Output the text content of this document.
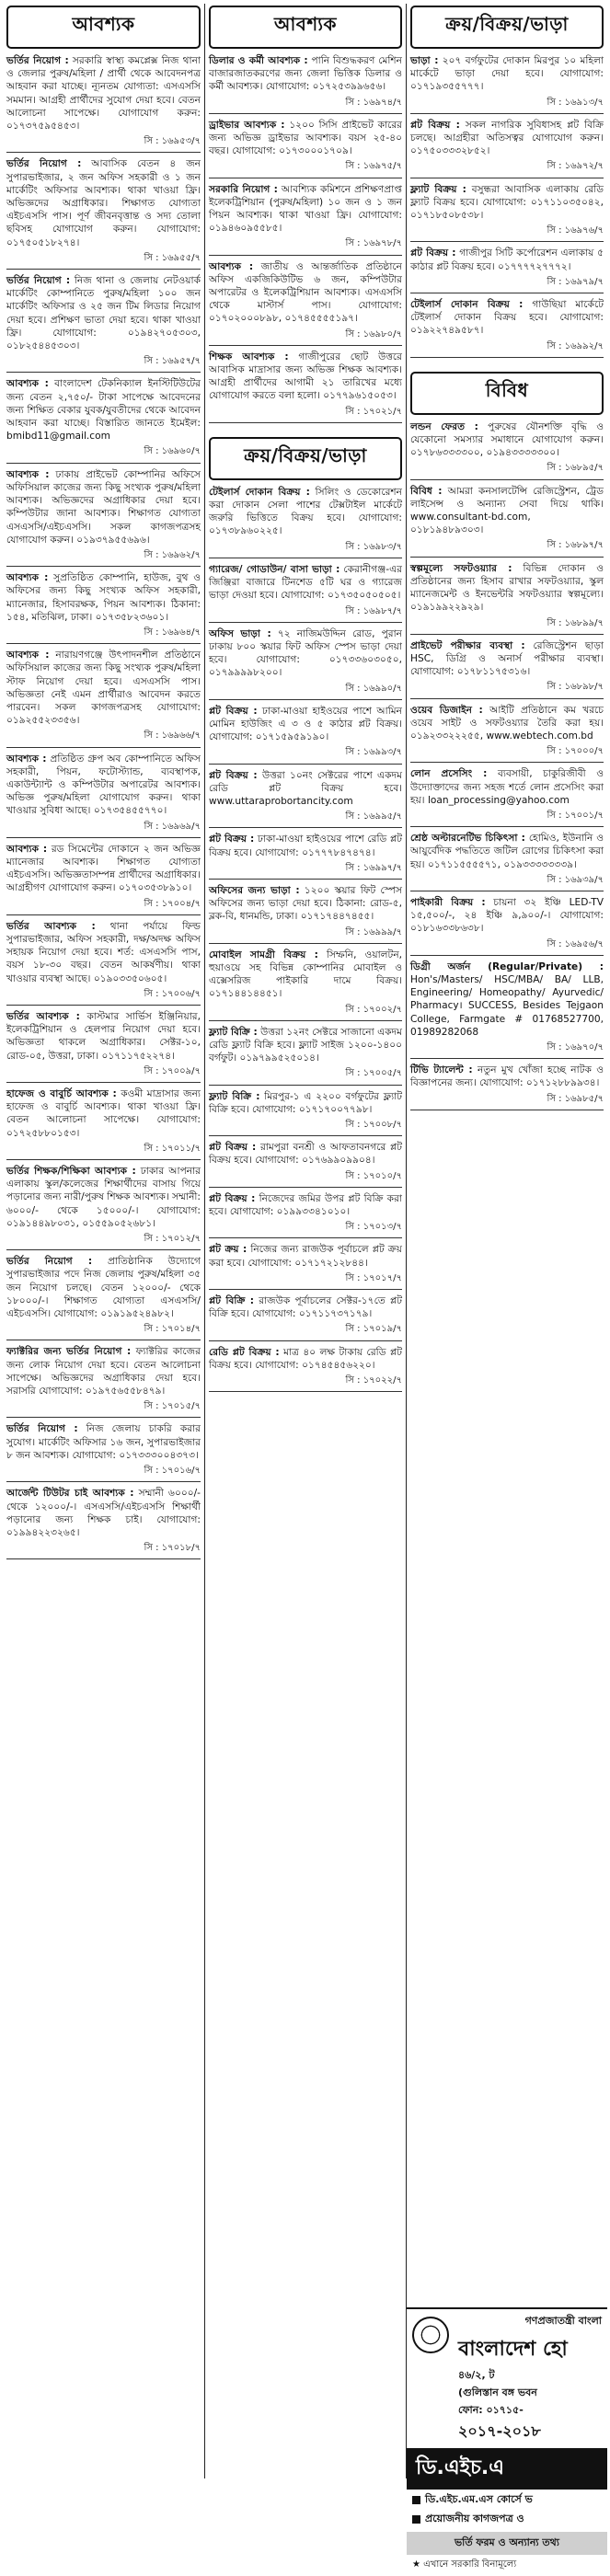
আবশ্যক

ভর্তির নিয়োগ : সরকারি স্বাস্থ্য কমপ্লেক্স নিজ থানা ও জেলার পুরুষ/মহিলা / প্রার্থী থেকে আবেদনপত্র আহবান করা যাচ্ছে। ন্যূনতম যোগ্যতা: এসএসসি সমমান। আগ্রহী প্রার্থীদের সুযোগ দেয়া হবে। বেতন আলোচনা সাপেক্ষে। যোগাযোগ করুন: ০১৭৩৭৫৯৫৪৫৩।

সি : ১৬৯৫৩/৭

ভর্তির নিয়োগ : আবাসিক বেতন ৪ জন সুপারভাইজার, ২ জন অফিস সহকারী ও ১ জন মার্কেটিং অফিসার আবশ্যক। থাকা খাওয়া ফ্রি। অভিজ্ঞদের অগ্রাধিকার। শিক্ষাগত যোগ্যতা এইচএসসি পাস। পূর্ণ জীবনবৃত্তান্ত ও সদ্য তোলা ছবিসহ যোগাযোগ করুন। যোগাযোগ: ০১৭৫০৫১৮২৭৪।

সি : ১৬৯৫৫/৭

ভর্তির নিয়োগ : নিজ থানা ও জেলায় নেটওয়ার্ক মার্কেটিং কোম্পানিতে পুরুষ/মহিলা ১০০ জন মার্কেটিং অফিসার ও ২৫ জন টিম লিডার নিয়োগ দেয়া হবে। প্রশিক্ষণ ভাতা দেয়া হবে। থাকা খাওয়া ফ্রি। যোগাযোগ: ০১৯৪২৭০৫৩০৩, ০১৮২৫৪৪৫৩০৩।

সি : ১৬৯৫৭/৭

আবশ্যক : বাংলাদেশ টেকনিক্যাল ইনস্টিটিউটের জন্য বেতন ২,৭৫০/- টাকা সাপেক্ষে আবেদনের জন্য শিক্ষিত বেকার যুবক/যুবতীদের থেকে আবেদন আহবান করা যাচ্ছে। বিস্তারিত জানতে ইমেইল: bmibd11@gmail.com

সি : ১৬৯৬০/৭

আবশ্যক : ঢাকায় প্রাইভেট কোম্পানির অফিসে অফিসিয়াল কাজের জন্য কিছু সংখ্যক পুরুষ/মহিলা আবশ্যক। অভিজ্ঞদের অগ্রাধিকার দেয়া হবে। কম্পিউটার জানা আবশ্যক। শিক্ষাগত যোগ্যতা এসএসসি/এইচএসসি। সকল কাগজপত্রসহ যোগাযোগ করুন। ০১৯৩৭৯৫৫৬৯৬।

সি : ১৬৯৬২/৭

আবশ্যক : সুপ্রতিষ্ঠিত কোম্পানি, হাউজ, বুথ ও অফিসের জন্য কিছু সংখ্যক অফিস সহকারী, ম্যানেজার, হিসাবরক্ষক, পিয়ন আবশ্যক। ঠিকানা: ১৫৪, মতিঝিল, ঢাকা। ০১৭৩৫৮২৩৬০১।

সি : ১৬৯৬৪/৭

আবশ্যক : নারায়ণগঞ্জে উৎপাদনশীল প্রতিষ্ঠানে অফিসিয়াল কাজের জন্য কিছু সংখ্যক পুরুষ/মহিলা স্টাফ নিয়োগ দেয়া হবে। এসএসসি পাস। অভিজ্ঞতা নেই এমন প্রার্থীরাও আবেদন করতে পারবেন। সকল কাগজপত্রসহ যোগাযোগ: ০১৯২৫৫২৩৩৫৬।

সি : ১৬৯৬৬/৭

আবশ্যক : প্রতিষ্ঠিত গ্রুপ অব কোম্পানিতে অফিস সহকারী, পিয়ন, ফটোস্ট্যান্ড, ব্যবস্থাপক, একাউন্ট্যান্ট ও কম্পিউটার অপারেটর আবশ্যক। অভিজ্ঞ পুরুষ/মহিলা যোগাযোগ করুন। থাকা খাওয়ার সুবিধা আছে। ০১৭৩৫৪৫৫৭৭০।

সি : ১৬৯৬৯/৭

আবশ্যক : রড সিমেন্টের দোকানে ২ জন অভিজ্ঞ ম্যানেজার আবশ্যক। শিক্ষাগত যোগ্যতা এইচএসসি। অভিজ্ঞতাসম্পন্ন প্রার্থীদের অগ্রাধিকার। আগ্রহীগণ যোগাযোগ করুন। ০১৭০৩৫৩৮৯১০।

সি : ১৭০০৪/৭

ভর্তির আবশ্যক : থানা পর্যায়ে ফিল্ড সুপারভাইজার, অফিস সহকারী, দক্ষ/অদক্ষ অফিস সহায়ক নিয়োগ দেয়া হবে। শর্ত: এসএসসি পাস, বয়স ১৮-৩০ বছর। বেতন আকর্ষণীয়। থাকা খাওয়ার ব্যবস্থা আছে। ০১৯০৩৩৫০৬০৫।

সি : ১৭০০৬/৭

ভর্তির আবশ্যক : কাস্টমার সার্ভিস ইঞ্জিনিয়ার, ইলেকট্রিশিয়ান ও হেলপার নিয়োগ দেয়া হবে। অভিজ্ঞতা থাকলে অগ্রাধিকার। সেক্টর-১০, রোড-০৫, উত্তরা, ঢাকা। ০১৭১১৭৫২২৭৪।

সি : ১৭০০৯/৭

হাফেজ ও বাবুর্চি আবশ্যক : কওমী মাদ্রাসার জন্য হাফেজ ও বাবুর্চি আবশ্যক। থাকা খাওয়া ফ্রি। বেতন আলোচনা সাপেক্ষে। যোগাযোগ: ০১৭২৫৮৮০১৫৩।

সি : ১৭০১১/৭

ভর্তির শিক্ষক/শিক্ষিকা আবশ্যক : ঢাকার আপনার এলাকায় স্কুল/কলেজের শিক্ষার্থীদের বাসায় গিয়ে পড়ানোর জন্য নারী/পুরুষ শিক্ষক আবশ্যক। সম্মানী: ৬০০০/- থেকে ১৫০০০/-। যোগাযোগ: ০১৯১৪৪৯৮০৩১, ০১৫৫৯০৫২৬৮১।

সি : ১৭০১২/৭

ভর্তির নিয়োগ : প্রাতিষ্ঠানিক উদ্যোগে সুপারভাইজার পদে নিজ জেলায় পুরুষ/মহিলা ৩৫ জন নিয়োগ চলছে। বেতন ১২০০০/- থেকে ১৮০০০/-। শিক্ষাগত যোগ্যতা এসএসসি/এইচএসসি। যোগাযোগ: ০১৯১৯৫২৪৯৮২।

সি : ১৭০১৪/৭

ফ্যাক্টরির জন্য ভর্তির নিয়োগ : ফ্যাক্টরির কাজের জন্য লোক নিয়োগ দেয়া হবে। বেতন আলোচনা সাপেক্ষে। অভিজ্ঞদের অগ্রাধিকার দেয়া হবে। সরাসরি যোগাযোগ: ০১৯৭৫৬৫৫৮৪৭৯।

সি : ১৭০১৫/৭

ভর্তির নিয়োগ : নিজ জেলায় চাকরি করার সুযোগ। মার্কেটিং অফিসার ১৬ জন, সুপারভাইজার ৮ জন আবশ্যক। যোগাযোগ: ০১৭৩৩৩০০৪৩৭৩।

সি : ১৭০১৬/৭

আর্জেন্ট টিউটর চাই আবশ্যক : সম্মানী ৬০০০/- থেকে ১২০০০/-। এসএসসি/এইচএসসি শিক্ষার্থী পড়ানোর জন্য শিক্ষক চাই। যোগাযোগ: ০১৯৯৪২২৩২৬৫।

সি : ১৭০১৮/৭
আবশ্যক

ডিলার ও কর্মী আবশ্যক : পানি বিশুদ্ধকরণ মেশিন বাজারজাতকরণের জন্য জেলা ভিত্তিক ডিলার ও কর্মী আবশ্যক। যোগাযোগ: ০১৭২৫৩৯৯৬৫৬।

সি : ১৬৯৭৪/৭

ড্রাইভার আবশ্যক : ১২০০ সিসি প্রাইভেট কারের জন্য অভিজ্ঞ ড্রাইভার আবশ্যক। বয়স ২৫-৪০ বছর। যোগাযোগ: ০১৭৩০০০১৭০৯।

সি : ১৬৯৭৫/৭

সরকারি নিয়োগ : আবশ্যিক কমিশনে প্রশিক্ষণপ্রাপ্ত ইলেকট্রিশিয়ান (পুরুষ/মহিলা) ১০ জন ও ১ জন পিয়ন আবশ্যক। থাকা খাওয়া ফ্রি। যোগাযোগ: ০১৯৪৬০৯৫৫৮৫।

সি : ১৬৯৭৮/৭

আবশ্যক : জাতীয় ও আন্তর্জাতিক প্রতিষ্ঠানে অফিস একজিকিউটিভ ৬ জন, কম্পিউটার অপারেটর ও ইলেকট্রিশিয়ান আবশ্যক। এসএসসি থেকে মাস্টার্স পাস। যোগাযোগ: ০১৭০২০০০৮৯৮, ০১৭৪৫৫৫৫১৯৭।

সি : ১৬৯৮০/৭

শিক্ষক আবশ্যক : গাজীপুরের ছোট উত্তরে আবাসিক মাদ্রাসার জন্য অভিজ্ঞ শিক্ষক আবশ্যক। আগ্রহী প্রার্থীদের আগামী ২১ তারিখের মধ্যে যোগাযোগ করতে বলা হলো। ০১৭৭৯৬১৫০৫৩।

সি : ১৭০২১/৭
ক্রয়/বিক্রয়/ভাড়া

টেইলার্স দোকান বিক্রয় : সিলিং ও ডেকোরেশন করা দোকান সেলা পাশের টেক্সটাইল মার্কেটে জরুরি ভিত্তিতে বিক্রয় হবে। যোগাযোগ: ০১৭৩৮৯৬০২২৫।

সি : ১৬৯৮৩/৭

গ্যারেজ/ গোডাউন/ বাসা ভাড়া : কেরানীগঞ্জ-এর জিঞ্জিরা বাজারে টিনশেড ৫টি ঘর ও গ্যারেজ ভাড়া দেওয়া হবে। যোগাযোগ: ০১৭৩৫০৫০৫০৫।

সি : ১৬৯৮৭/৭

অফিস ভাড়া : ৭২ নাজিমউদ্দিন রোড, পুরান ঢাকায় ৮০০ স্কয়ার ফিট অফিস স্পেস ভাড়া দেয়া হবে। যোগাযোগ: ০১৭৩৩৬০৩০৫০, ০১৭৯৯৯৯৮২০০।

সি : ১৬৯৯০/৭

প্লট বিক্রয় : ঢাকা-মাওয়া হাইওয়ের পাশে আমিন মোমিন হাউজিং এ ৩ ও ৫ কাঠার প্লট বিক্রয়। যোগাযোগ: ০১৭১৫৯৫৯১৯০।

সি : ১৬৯৯৩/৭

প্লট বিক্রয় : উত্তরা ১০নং সেক্টরের পাশে একদম রেডি প্লট বিক্রয় হবে। www.uttaraprobortancity.com

সি : ১৬৯৯৫/৭

প্লট বিক্রয় : ঢাকা-মাওয়া হাইওয়ের পাশে রেডি প্লট বিক্রয় হবে। যোগাযোগ: ০১৭৭৭৮৪৭৪৭৪।

সি : ১৬৯৯৭/৭

অফিসের জন্য ভাড়া : ১২০০ স্কয়ার ফিট স্পেস অফিসের জন্য ভাড়া দেয়া হবে। ঠিকানা: রোড-৫, ব্লক-বি, ধানমন্ডি, ঢাকা। ০১৭১৭৪৪৭৪৫৫।

সি : ১৬৯৯৯/৭

মোবাইল সামগ্রী বিক্রয় : সিম্ফনি, ওয়ালটন, হুয়াওয়ে সহ বিভিন্ন কোম্পানির মোবাইল ও এক্সেসরিজ পাইকারি দামে বিক্রয়। ০১৭১৪৪১৪৪৫১।

সি : ১৭০০২/৭

ফ্ল্যাট বিক্রি : উত্তরা ১২নং সেক্টরে সাজানো একদম রেডি ফ্ল্যাট বিক্রি হবে। ফ্ল্যাট সাইজ ১২০০-১৪০০ বর্গফুট। ০১৯৭৯৯৫২৫০১৪।

সি : ১৭০০৫/৭

ফ্ল্যাট বিক্রি : মিরপুর-১ এ ২২০০ বর্গফুটের ফ্ল্যাট বিক্রি হবে। যোগাযোগ: ০১৭১৭০০৭৭৯৮।

সি : ১৭০০৮/৭

প্লট বিক্রয় : রামপুরা বনশ্রী ও আফতাবনগরে প্লট বিক্রয় হবে। যোগাযোগ: ০১৭৬৯৯০৯৯০৪।

সি : ১৭০১০/৭

প্লট বিক্রয় : নিজেদের জমির উপর প্লট বিক্রি করা হবে। যোগাযোগ: ০১৯৯৩৩৪১০১০।

সি : ১৭০১৩/৭

প্লট ক্রয় : নিজের জন্য রাজউক পূর্বাচলে প্লট ক্রয় করা হবে। যোগাযোগ: ০১৭১৭২১২৮৪৪।

সি : ১৭০১৭/৭

প্লট বিক্রি : রাজউক পূর্বাচলের সেক্টর-১৭তে প্লট বিক্রি হবে। যোগাযোগ: ০১৭১১৭৩৭১৭৯।

সি : ১৭০১৯/৭

রেডি প্লট বিক্রয় : মাত্র ৪০ লক্ষ টাকায় রেডি প্লট বিক্রয় হবে। যোগাযোগ: ০১৭৪৫৪৫৬২২০।

সি : ১৭০২২/৭
ক্রয়/বিক্রয়/ভাড়া

ভাড়া : ২০৭ বর্গফুটের দোকান মিরপুর ১০ মহিলা মার্কেটে ভাড়া দেয়া হবে। যোগাযোগ: ০১৭১৯৩৫৫৭৭৭।

সি : ১৬৯১৩/৭

প্লট বিক্রয় : সকল নাগরিক সুবিধাসহ প্লট বিক্রি চলছে। আগ্রহীরা অতিসত্বর যোগাযোগ করুন। ০১৭৫০৩৩৩২৮৫২।

সি : ১৬৯৭২/৭

ফ্ল্যাট বিক্রয় : বসুন্ধরা আবাসিক এলাকায় রেডি ফ্ল্যাট বিক্রয় হবে। যোগাযোগ: ০১৭১১০৩৫০৪২, ০১৭১৮৫০৮৫৩৮।

সি : ১৬৯৭৬/৭

প্লট বিক্রয় : গাজীপুর সিটি কর্পোরেশন এলাকায় ৫ কাঠার প্লট বিক্রয় হবে। ০১৭৭৭৭২৭৭৭২।

সি : ১৬৯৭৯/৭

টেইলার্স দোকান বিক্রয় : গাউছিয়া মার্কেটে টেইলার্স দোকান বিক্রয় হবে। যোগাযোগ: ০১৯২২৭৪৯৫৮৭।

সি : ১৬৯৯২/৭
বিবিধ

লন্ডন ফেরত : পুরুষের যৌনশক্তি বৃদ্ধি ও যেকোনো সমস্যার সমাধানে যোগাযোগ করুন। ০১৭৮৬৩৩৩৩০০, ০১৯৪৩৩৩৩৩০০।

সি : ১৬৮৯৫/৭

বিবিধ : আমরা কনসালটেন্সি রেজিস্ট্রেশন, ট্রেড লাইসেন্স ও অন্যান্য সেবা দিয়ে থাকি। www.consultant-bd.com, ০১৮১৯৪৮৯৩০৩।

সি : ১৬৮৯৭/৭

স্বল্পমূল্যে সফটওয়্যার : বিভিন্ন দোকান ও প্রতিষ্ঠানের জন্য হিসাব রাখার সফটওয়্যার, স্কুল ম্যানেজমেন্ট ও ইনভেন্টরি সফটওয়্যার স্বল্পমূল্যে। ০১৯১৯৯২২৯২৯।

সি : ১৬৮৯৯/৭

প্রাইভেট পরীক্ষার ব্যবস্থা : রেজিস্ট্রেশন ছাড়া HSC, ডিগ্রি ও অনার্স পরীক্ষার ব্যবস্থা। যোগাযোগ: ০১৭৮১১৭৫৩১৬।

সি : ১৬৮৯৮/৭

ওয়েব ডিজাইন : আইটি প্রতিষ্ঠানে কম খরচে ওয়েব সাইট ও সফটওয়্যার তৈরি করা হয়। ০১৯২৩৩২২২৫৫, www.webtech.com.bd

সি : ১৭০০০/৭

লোন প্রসেসিং : ব্যবসায়ী, চাকুরিজীবী ও উদ্যোক্তাদের জন্য সহজ শর্তে লোন প্রসেসিং করা হয়। loan_processing@yahoo.com

সি : ১৭০০১/৭

শ্রেষ্ঠ অল্টারনেটিভ চিকিৎসা : হোমিও, ইউনানি ও আয়ুর্বেদিক পদ্ধতিতে জটিল রোগের চিকিৎসা করা হয়। ০১৭১১৫৫৫৫৭১, ০১৯৩৩৩৩৩৩৩৯।

সি : ১৬৯৩৯/৭

পাইকারী বিক্রয় : চায়না ৩২ ইঞ্চি LED-TV ১৫,৫০০/-, ২৪ ইঞ্চি ৯,৯০০/-। যোগাযোগ: ০১৮১৬৩৩৮৬৩৮।

সি : ১৬৯৫৬/৭

ডিগ্রী অর্জন (Regular/Private) : Hon's/Masters/ HSC/MBA/ BA/ LLB, Engineering/ Homeopathy/ Ayurvedic/ Pharmacy। SUCCESS, Besides Tejgaon College, Farmgate # 01768527700, 01989282068

সি : ১৬৯৭০/৭

টিভি ট্যালেন্ট : নতুন মুখ খোঁজা হচ্ছে নাটক ও বিজ্ঞাপনের জন্য। যোগাযোগ: ০১৭১২৮৮৯৯৩৪।

সি : ১৬৯৮৫/৭
গণপ্রজাতন্ত্রী বাংলা
বাংলাদেশ হো
৪৬/২, ট
(গুলিস্তান বঙ্গ ভবন
ফোন: ০১৭১৫-
২০১৭-২০১৮
ডি.এইচ.এ
ডি.এইচ.এম.এস কোর্সে ভ
প্রয়োজনীয় কাগজপত্র ও
ভর্তি ফরম ও অন্যান্য তথ্য
★ এখানে সরকারি বিনামূল্যে
